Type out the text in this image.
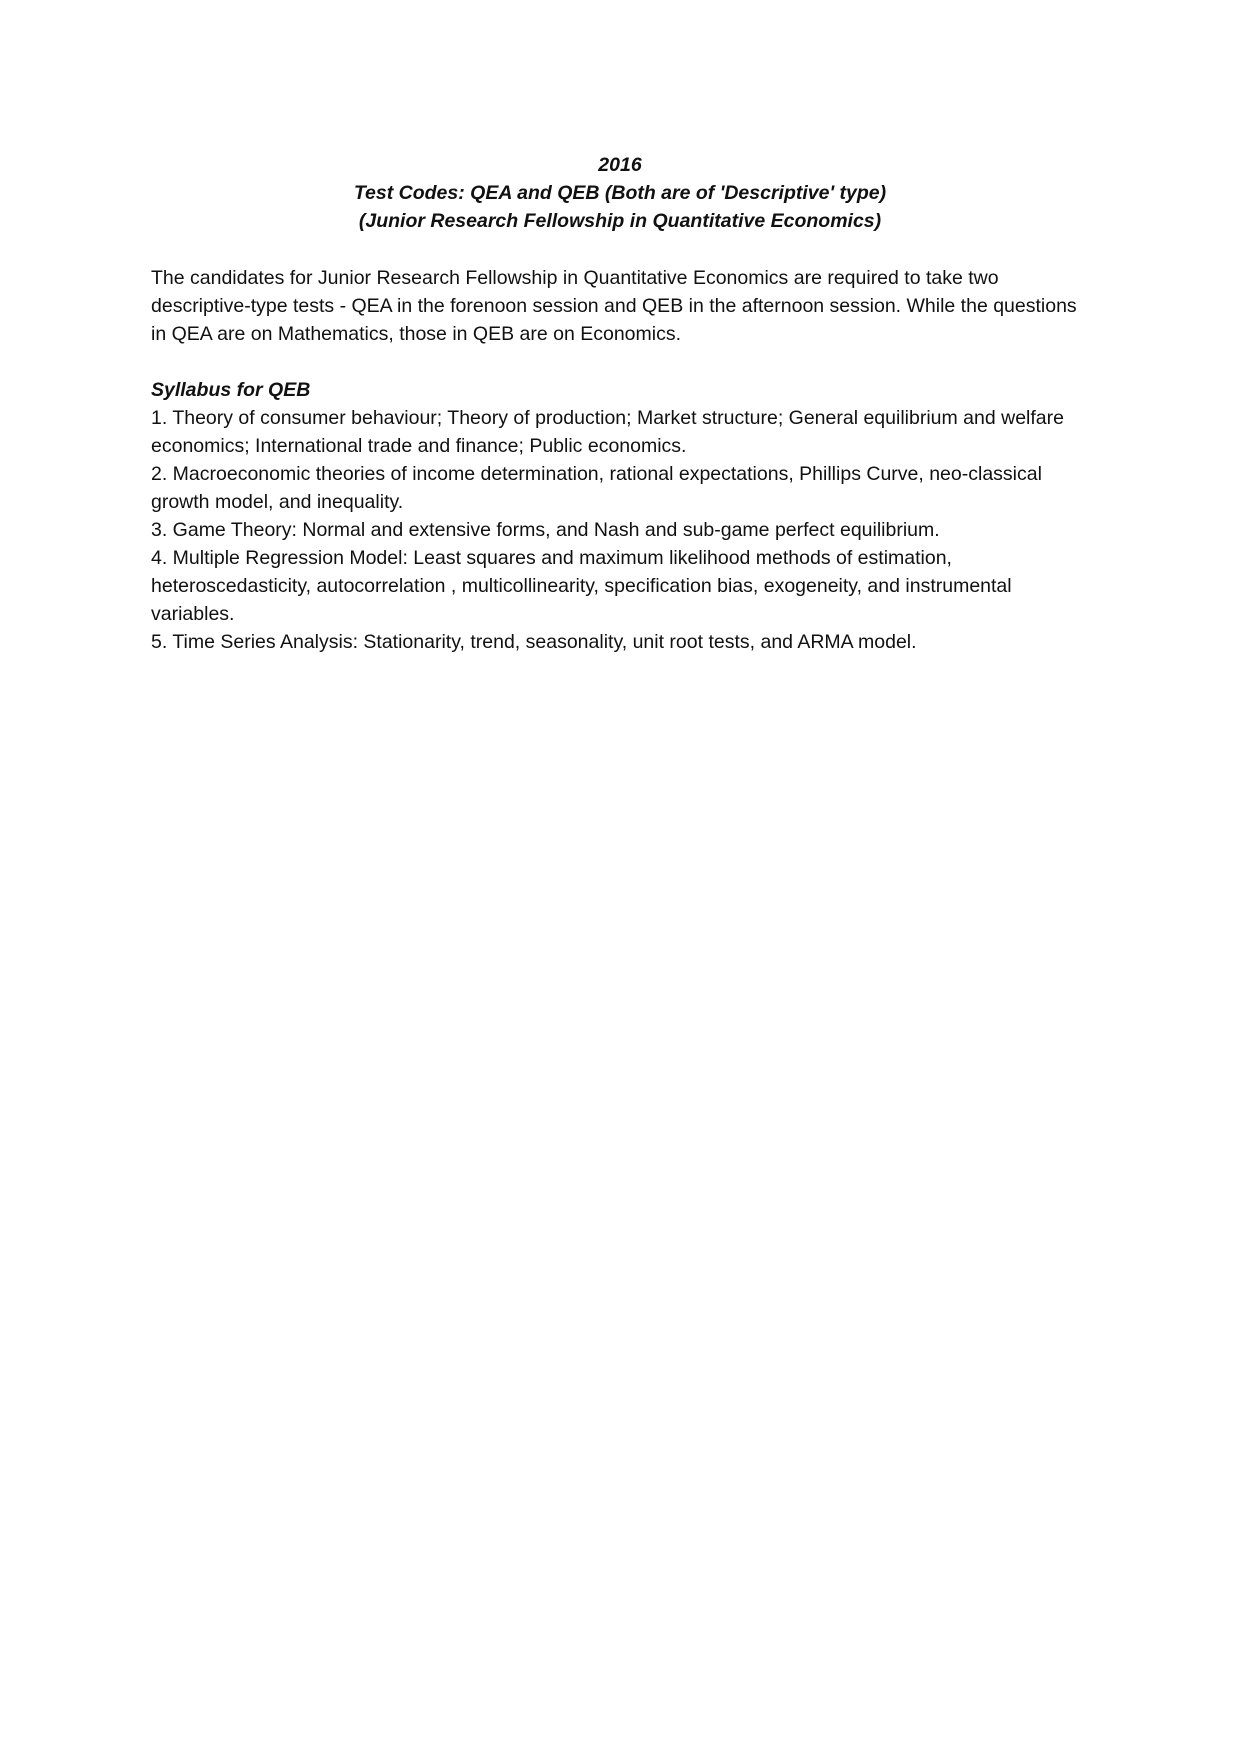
2016
Test Codes: QEA and QEB (Both are of 'Descriptive' type)
(Junior Research Fellowship in Quantitative Economics)

The candidates for Junior Research Fellowship in Quantitative Economics are required to take two descriptive-type tests - QEA in the forenoon session and QEB in the afternoon session. While the questions in QEA are on Mathematics, those in QEB are on Economics.

Syllabus for QEB
1. Theory of consumer behaviour; Theory of production; Market structure; General equilibrium and welfare economics; International trade and finance; Public economics.
2. Macroeconomic theories of income determination, rational expectations, Phillips Curve, neo-classical growth model, and inequality.
3. Game Theory: Normal and extensive forms, and Nash and sub-game perfect equilibrium.
4. Multiple Regression Model: Least squares and maximum likelihood methods of estimation, heteroscedasticity, autocorrelation , multicollinearity, specification bias, exogeneity, and instrumental variables.
5. Time Series Analysis: Stationarity, trend, seasonality, unit root tests, and ARMA model.
